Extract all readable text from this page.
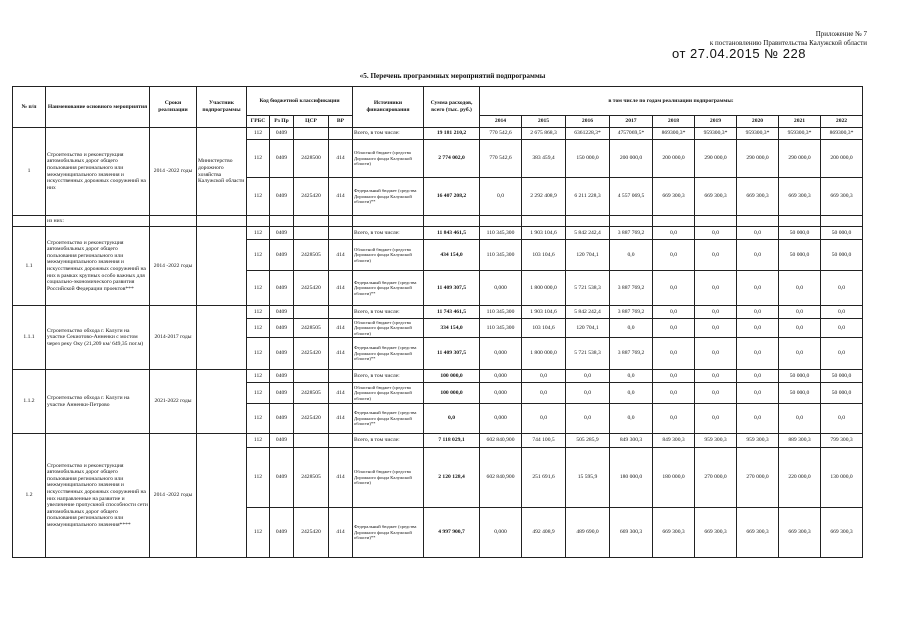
Приложение № 7
к постановлению Правительства Калужской области
от 27.04.2015 № 228
«5. Перечень программных мероприятий подпрограммы
№ п/п	Наименование основного мероприятия	Сроки реализации	Участник подпрограммы	Код бюджетной классификации				Источники финансирования	Сумма расходов, всего (тыс. руб.)	в том числе по годам реализации подпрограммы:								
				ГРБС	Рз Пр	ЦСР	ВР			2014	2015	2016	2017	2018	2019	2020	2021	2022
1	Строительство и реконструкция автомобильных дорог общего пользования регионального или межмуниципального значения и искусственных дорожных сооружений на них	2014 -2022 годы	Министерство дорожного хозяйства Калужской области	112	0409			Всего, в том числе:	19 181 210,2	770 542,6	2 675 868,3	6361228,3*	4757069,5*	869300,3*	959300,3*	959300,3*	959300,3*	869300,3*
				112	0409	2428500	414	Областной бюджет (средства Дорожного фонда Калужской области)	2 774 002,0	770 542,6	383 459,4	150 000,0	200 000,0	200 000,0	290 000,0	290 000,0	290 000,0	200 000,0
				112	0409	2425420	414	Федеральный бюджет (средства Дорожного фонда Калужской области)**	16 407 208,2	0,0	2 292 408,9	6 211 228,3	4 557 069,5	669 300,3	669 300,3	669 300,3	669 300,3	669 300,3
	из них:																	
1.1	Строительство и реконструкция автомобильных дорог общего пользования регионального или межмуниципального значения и искусственных дорожных сооружений на них в рамках крупных особо важных для социально-экономического развития Российской Федерации проектов***	2014 -2022 годы		112	0409			Всего, в том числе:	11 843 461,5	110 345,300	1 903 104,6	5 842 242,4	3 887 769,2	0,0	0,0	0,0	50 000,0	50 000,0
				112	0409	2428505	414	Областной бюджет (средства Дорожного фонда Калужской области)	434 154,0	110 345,300	103 104,6	120 704,1	0,0	0,0	0,0	0,0	50 000,0	50 000,0
				112	0409	2425420	414	Федеральный бюджет (средства Дорожного фонда Калужской области)**	11 409 307,5	0,000	1 800 000,0	5 721 538,3	3 887 769,2	0,0	0,0	0,0	0,0	0,0
1.1.1	Строительство обхода г. Калуги на участке Секиотово-Анненки с мостом через реку Оку (21,209 км/ 649,35 пог.м)	2014-2017 годы		112	0409			Всего, в том числе:	11 743 461,5	110 345,300	1 903 104,6	5 842 242,4	3 887 769,2	0,0	0,0	0,0	0,0	0,0
				112	0409	2428505	414	Областной бюджет (средства Дорожного фонда Калужской области)	334 154,0	110 345,300	103 104,6	120 704,1	0,0	0,0	0,0	0,0	0,0	0,0
				112	0409	2425420	414	Федеральный бюджет (средства Дорожного фонда Калужской области)**	11 409 307,5	0,000	1 800 000,0	5 721 538,3	3 887 769,2	0,0	0,0	0,0	0,0	0,0
1.1.2	Строительство обхода г. Калуги на участке Анненки-Петрово	2021-2022 годы		112	0409			Всего, в том числе:	100 000,0	0,000	0,0	0,0	0,0	0,0	0,0	0,0	50 000,0	50 000,0
				112	0409	2428505	414	Областной бюджет (средства Дорожного фонда Калужской области)	100 000,0	0,000	0,0	0,0	0,0	0,0	0,0	0,0	50 000,0	50 000,0
				112	0409	2425420	414	Федеральный бюджет (средства Дорожного фонда Калужской области)**	0,0	0,000	0,0	0,0	0,0	0,0	0,0	0,0	0,0	0,0
1.2	Строительство и реконструкция автомобильных дорог общего пользования регионального или межмуниципального значения и искусственных дорожных сооружений на них направленные на развитие и увеличение пропускной способности сети автомобильных дорог общего пользования регионального или межмуниципального значения****	2014 -2022 годы		112	0409			Всего, в том числе:	7 118 029,1	602 840,900	744 100,5	505 285,9	849 300,3	849 300,3	959 300,3	959 300,3	889 300,3	799 300,3
				112	0409	2428505	414	Областной бюджет (средства Дорожного фонда Калужской области)	2 120 128,4	602 840,900	251 691,6	15 595,9	180 000,0	180 000,0	270 000,0	270 000,0	220 000,0	130 000,0
				112	0409	2425420	414	Федеральный бюджет (средства Дорожного фонда Калужской области)**	4 997 900,7	0,000	492 408,9	489 690,0	669 300,3	669 300,3	669 300,3	669 300,3	669 300,3	669 300,3
